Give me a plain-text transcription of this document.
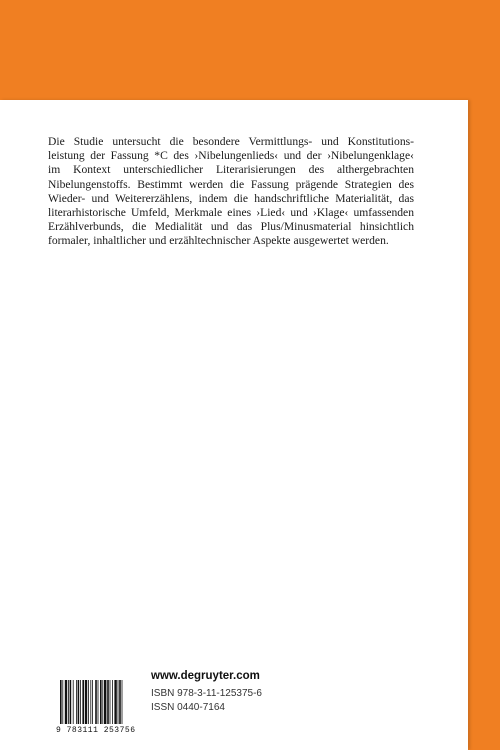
Die Studie untersucht die besondere Vermittlungs- und Konstitutions-
leistung der Fassung *C des ›Nibelungenlieds‹ und der ›Nibelungenklage‹
im Kontext unterschiedlicher Literarisierungen des althergebrachten
Nibelungenstoffs. Bestimmt werden die Fassung prägende Strategien des
Wieder- und Weitererzählens, indem die handschriftliche Materialität, das
literarhistorische Umfeld, Merkmale eines ›Lied‹ und ›Klage‹ umfassenden
Erzählverbunds, die Medialität und das Plus/Minusmaterial hinsichtlich
formaler, inhaltlicher und erzähltechnischer Aspekte ausgewertet werden.

9 783111 253756
www.degruyter.com
ISBN 978-3-11-125375-6
ISSN 0440-7164
